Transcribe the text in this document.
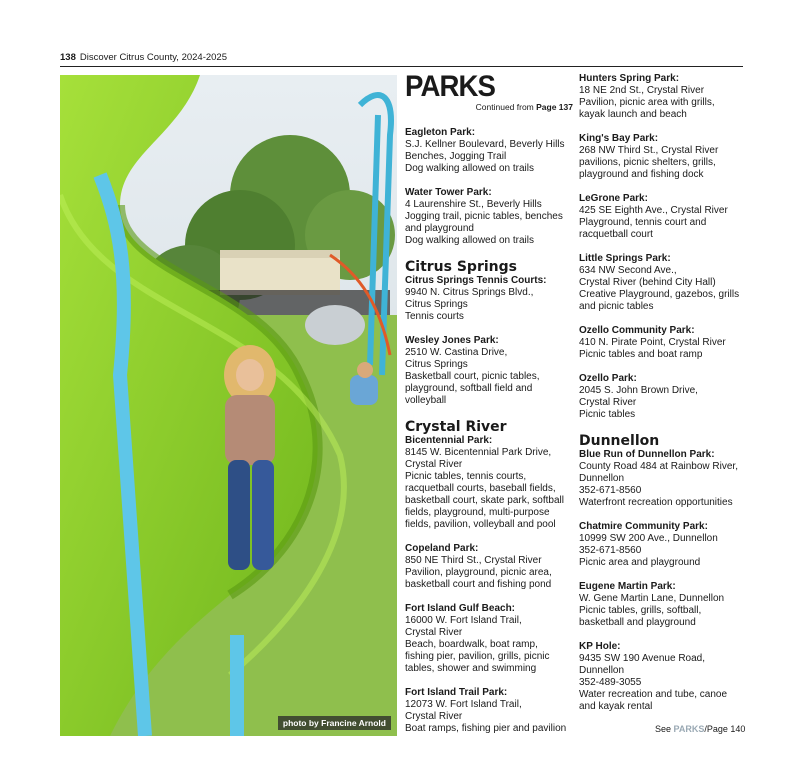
138 Discover Citrus County, 2024-2025
photo by Francine Arnold
PARKS
Continued from Page 137
Eagleton Park:
S.J. Kellner Boulevard, Beverly Hills
Benches, Jogging Trail
Dog walking allowed on trails
Water Tower Park:
4 Laurenshire St., Beverly Hills
Jogging trail, picnic tables, benches
and playground
Dog walking allowed on trails
Citrus Springs
Citrus Springs Tennis Courts:
9940 N. Citrus Springs Blvd.,
Citrus Springs
Tennis courts
Wesley Jones Park:
2510 W. Castina Drive,
Citrus Springs
Basketball court, picnic tables,
playground, softball field and
volleyball
Crystal River
Bicentennial Park:
8145 W. Bicentennial Park Drive,
Crystal River
Picnic tables, tennis courts,
racquetball courts, baseball fields,
basketball court, skate park, softball
fields, playground, multi-purpose
fields, pavilion, volleyball and pool
Copeland Park:
850 NE Third St., Crystal River
Pavilion, playground, picnic area,
basketball court and fishing pond
Fort Island Gulf Beach:
16000 W. Fort Island Trail,
Crystal River
Beach, boardwalk, boat ramp,
fishing pier, pavilion, grills, picnic
tables, shower and swimming
Fort Island Trail Park:
12073 W. Fort Island Trail,
Crystal River
Boat ramps, fishing pier and pavilion
Hunters Spring Park:
18 NE 2nd St., Crystal River
Pavilion, picnic area with grills,
kayak launch and beach
King's Bay Park:
268 NW Third St., Crystal River
pavilions, picnic shelters, grills,
playground and fishing dock
LeGrone Park:
425 SE Eighth Ave., Crystal River
Playground, tennis court and
racquetball court
Little Springs Park:
634 NW Second Ave.,
Crystal River (behind City Hall)
Creative Playground, gazebos, grills
and picnic tables
Ozello Community Park:
410 N. Pirate Point, Crystal River
Picnic tables and boat ramp
Ozello Park:
2045 S. John Brown Drive,
Crystal River
Picnic tables
Dunnellon
Blue Run of Dunnellon Park:
County Road 484 at Rainbow River,
Dunnellon
352-671-8560
Waterfront recreation opportunities
Chatmire Community Park:
10999 SW 200 Ave., Dunnellon
352-671-8560
Picnic area and playground
Eugene Martin Park:
W. Gene Martin Lane, Dunnellon
Picnic tables, grills, softball,
basketball and playground
KP Hole:
9435 SW 190 Avenue Road,
Dunnellon
352-489-3055
Water recreation and tube, canoe
and kayak rental
See PARKS/Page 140
